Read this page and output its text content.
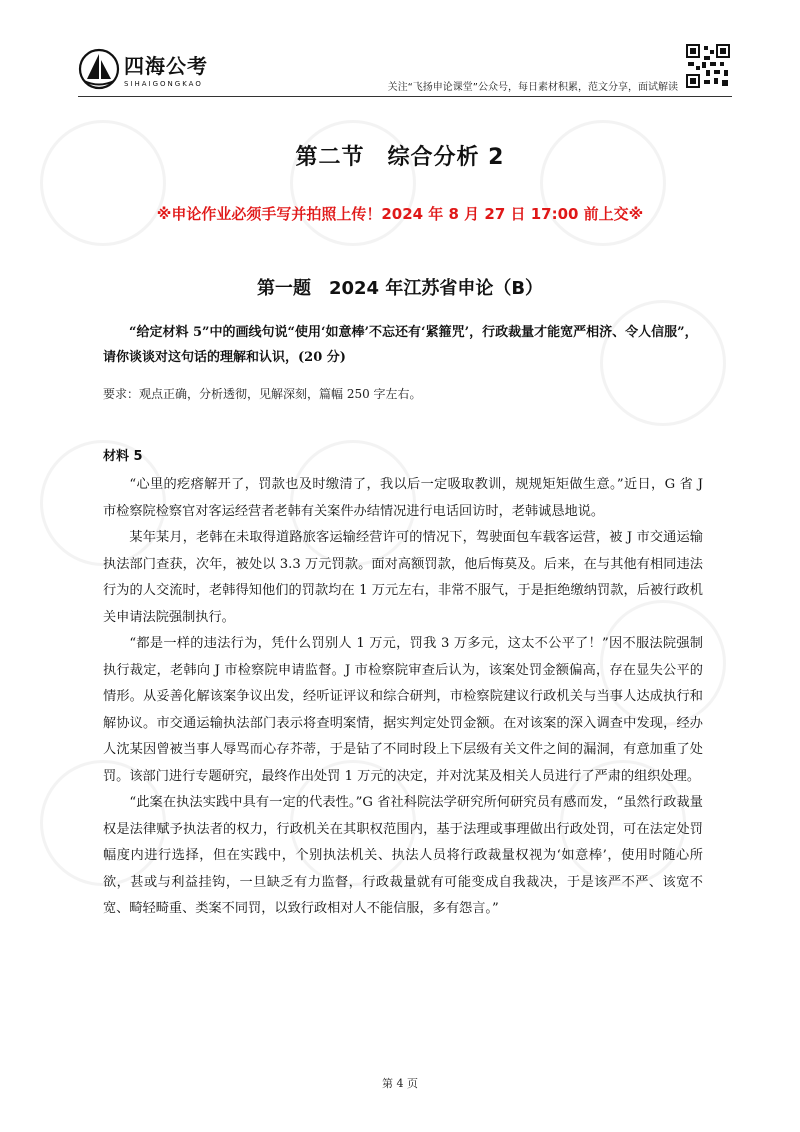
四海公考
SIHAIGONGKAO	关注“飞扬申论课堂”公众号，每日素材积累，范文分享，面试解读
第二节　综合分析 2
※申论作业必须手写并拍照上传！2024 年 8 月 27 日 17:00 前上交※
第一题　2024 年江苏省申论（B）
“给定材料 5”中的画线句说“使用‘如意棒’不忘还有‘紧箍咒’，行政裁量才能宽严相济、令人信服”，请你谈谈对这句话的理解和认识，(20 分)
要求：观点正确，分析透彻，见解深刻，篇幅 250 字左右。
材料 5

“心里的疙瘩解开了，罚款也及时缴清了，我以后一定吸取教训，规规矩矩做生意。”近日，G 省 J 市检察院检察官对客运经营者老韩有关案件办结情况进行电话回访时，老韩诚恳地说。

某年某月，老韩在未取得道路旅客运输经营许可的情况下，驾驶面包车载客运营，被 J 市交通运输执法部门查获，次年，被处以 3.3 万元罚款。面对高额罚款，他后悔莫及。后来，在与其他有相同违法行为的人交流时，老韩得知他们的罚款均在 1 万元左右，非常不服气，于是拒绝缴纳罚款，后被行政机关申请法院强制执行。

“都是一样的违法行为，凭什么罚别人 1 万元，罚我 3 万多元，这太不公平了！”因不服法院强制执行裁定，老韩向 J 市检察院申请监督。J 市检察院审查后认为，该案处罚金额偏高，存在显失公平的情形。从妥善化解该案争议出发，经听证评议和综合研判，市检察院建议行政机关与当事人达成执行和解协议。市交通运输执法部门表示将查明案情，据实判定处罚金额。在对该案的深入调查中发现，经办人沈某因曾被当事人辱骂而心存芥蒂，于是钻了不同时段上下层级有关文件之间的漏洞，有意加重了处罚。该部门进行专题研究，最终作出处罚 1 万元的决定，并对沈某及相关人员进行了严肃的组织处理。

“此案在执法实践中具有一定的代表性。”G 省社科院法学研究所何研究员有感而发，“虽然行政裁量权是法律赋予执法者的权力，行政机关在其职权范围内，基于法理或事理做出行政处罚，可在法定处罚幅度内进行选择，但在实践中，个别执法机关、执法人员将行政裁量权视为‘如意棒’，使用时随心所欲，甚或与利益挂钩，一旦缺乏有力监督，行政裁量就有可能变成自我裁决，于是该严不严、该宽不宽、畸轻畸重、类案不同罚，以致行政相对人不能信服，多有怨言。”

第 4 页
